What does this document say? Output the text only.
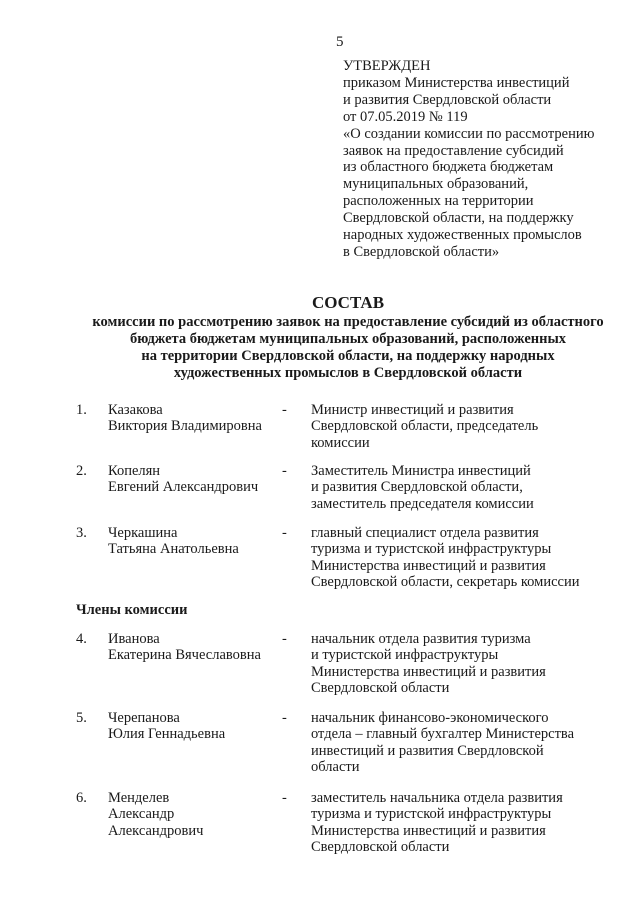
5
УТВЕРЖДЕН
приказом Министерства инвестиций
и развития Свердловской области
от 07.05.2019 № 119
«О создании комиссии по рассмотрению
заявок на предоставление субсидий
из областного бюджета бюджетам
муниципальных образований,
расположенных на территории
Свердловской области, на поддержку
народных художественных промыслов
в Свердловской области»
СОСТАВ
комиссии по рассмотрению заявок на предоставление субсидий из областного
бюджета бюджетам муниципальных образований, расположенных
на территории Свердловской области, на поддержку народных
художественных промыслов в Свердловской области
1. Казакова
Виктория Владимировна
- Министр инвестиций и развития
Свердловской области, председатель
комиссии
2. Копелян
Евгений Александрович
- Заместитель Министра инвестиций
и развития Свердловской области,
заместитель председателя комиссии
3. Черкашина
Татьяна Анатольевна
- главный специалист отдела развития
туризма и туристской инфраструктуры
Министерства инвестиций и развития
Свердловской области, секретарь комиссии
Члены комиссии
4. Иванова
Екатерина Вячеславовна
- начальник отдела развития туризма
и туристской инфраструктуры
Министерства инвестиций и развития
Свердловской области
5. Черепанова
Юлия Геннадьевна
- начальник финансово-экономического
отдела – главный бухгалтер Министерства
инвестиций и развития Свердловской
области
6. Менделев
Александр
Александрович
- заместитель начальника отдела развития
туризма и туристской инфраструктуры
Министерства инвестиций и развития
Свердловской области
